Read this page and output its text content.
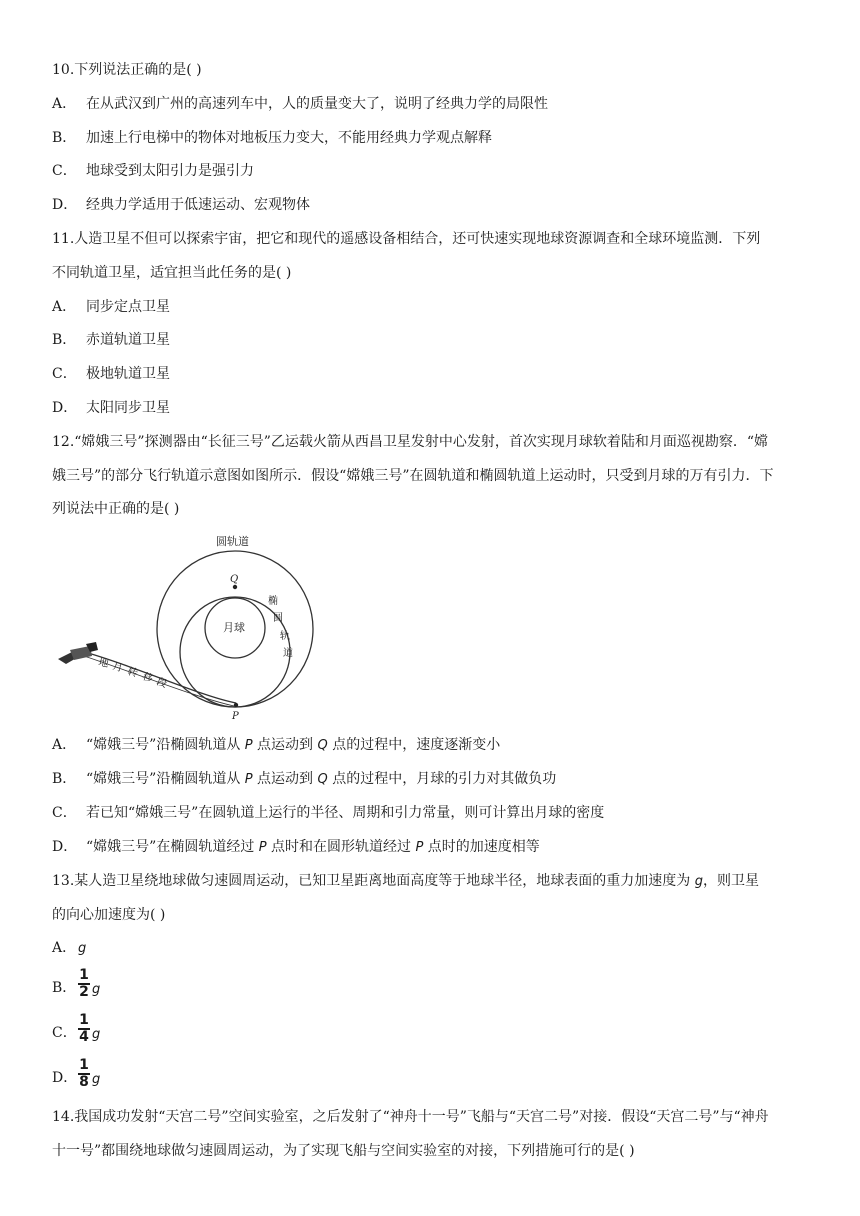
10.下列说法正确的是( )
A． 在从武汉到广州的高速列车中，人的质量变大了，说明了经典力学的局限性
B． 加速上行电梯中的物体对地板压力变大，不能用经典力学观点解释
C． 地球受到太阳引力是强引力
D． 经典力学适用于低速运动、宏观物体
11.人造卫星不但可以探索宇宙，把它和现代的遥感设备相结合，还可快速实现地球资源调查和全球环境监测．下列
不同轨道卫星，适宜担当此任务的是( )
A． 同步定点卫星
B． 赤道轨道卫星
C． 极地轨道卫星
D． 太阳同步卫星
12.“嫦娥三号”探测器由“长征三号”乙运载火箭从西昌卫星发射中心发射，首次实现月球软着陆和月面巡视勘察．“嫦
娥三号”的部分飞行轨道示意图如图所示．假设“嫦娥三号”在圆轨道和椭圆轨道上运动时，只受到月球的万有引力．下
列说法中正确的是( )
圆轨道
Q
月球
椭
圆
轨
道
地 月 转 移 段
P
A． “嫦娥三号”沿椭圆轨道从 P 点运动到 Q 点的过程中，速度逐渐变小
B． “嫦娥三号”沿椭圆轨道从 P 点运动到 Q 点的过程中，月球的引力对其做负功
C． 若已知“嫦娥三号”在圆轨道上运行的半径、周期和引力常量，则可计算出月球的密度
D． “嫦娥三号”在椭圆轨道经过 P 点时和在圆形轨道经过 P 点时的加速度相等
13.某人造卫星绕地球做匀速圆周运动，已知卫星距离地面高度等于地球半径，地球表面的重力加速度为 g，则卫星
的向心加速度为( )
A． g
B．
1
2 g
C．
1
4 g
D．
1
8 g
14.我国成功发射“天宫二号”空间实验室，之后发射了“神舟十一号”飞船与“天宫二号”对接．假设“天宫二号”与“神舟
十一号”都围绕地球做匀速圆周运动，为了实现飞船与空间实验室的对接，下列措施可行的是( )
